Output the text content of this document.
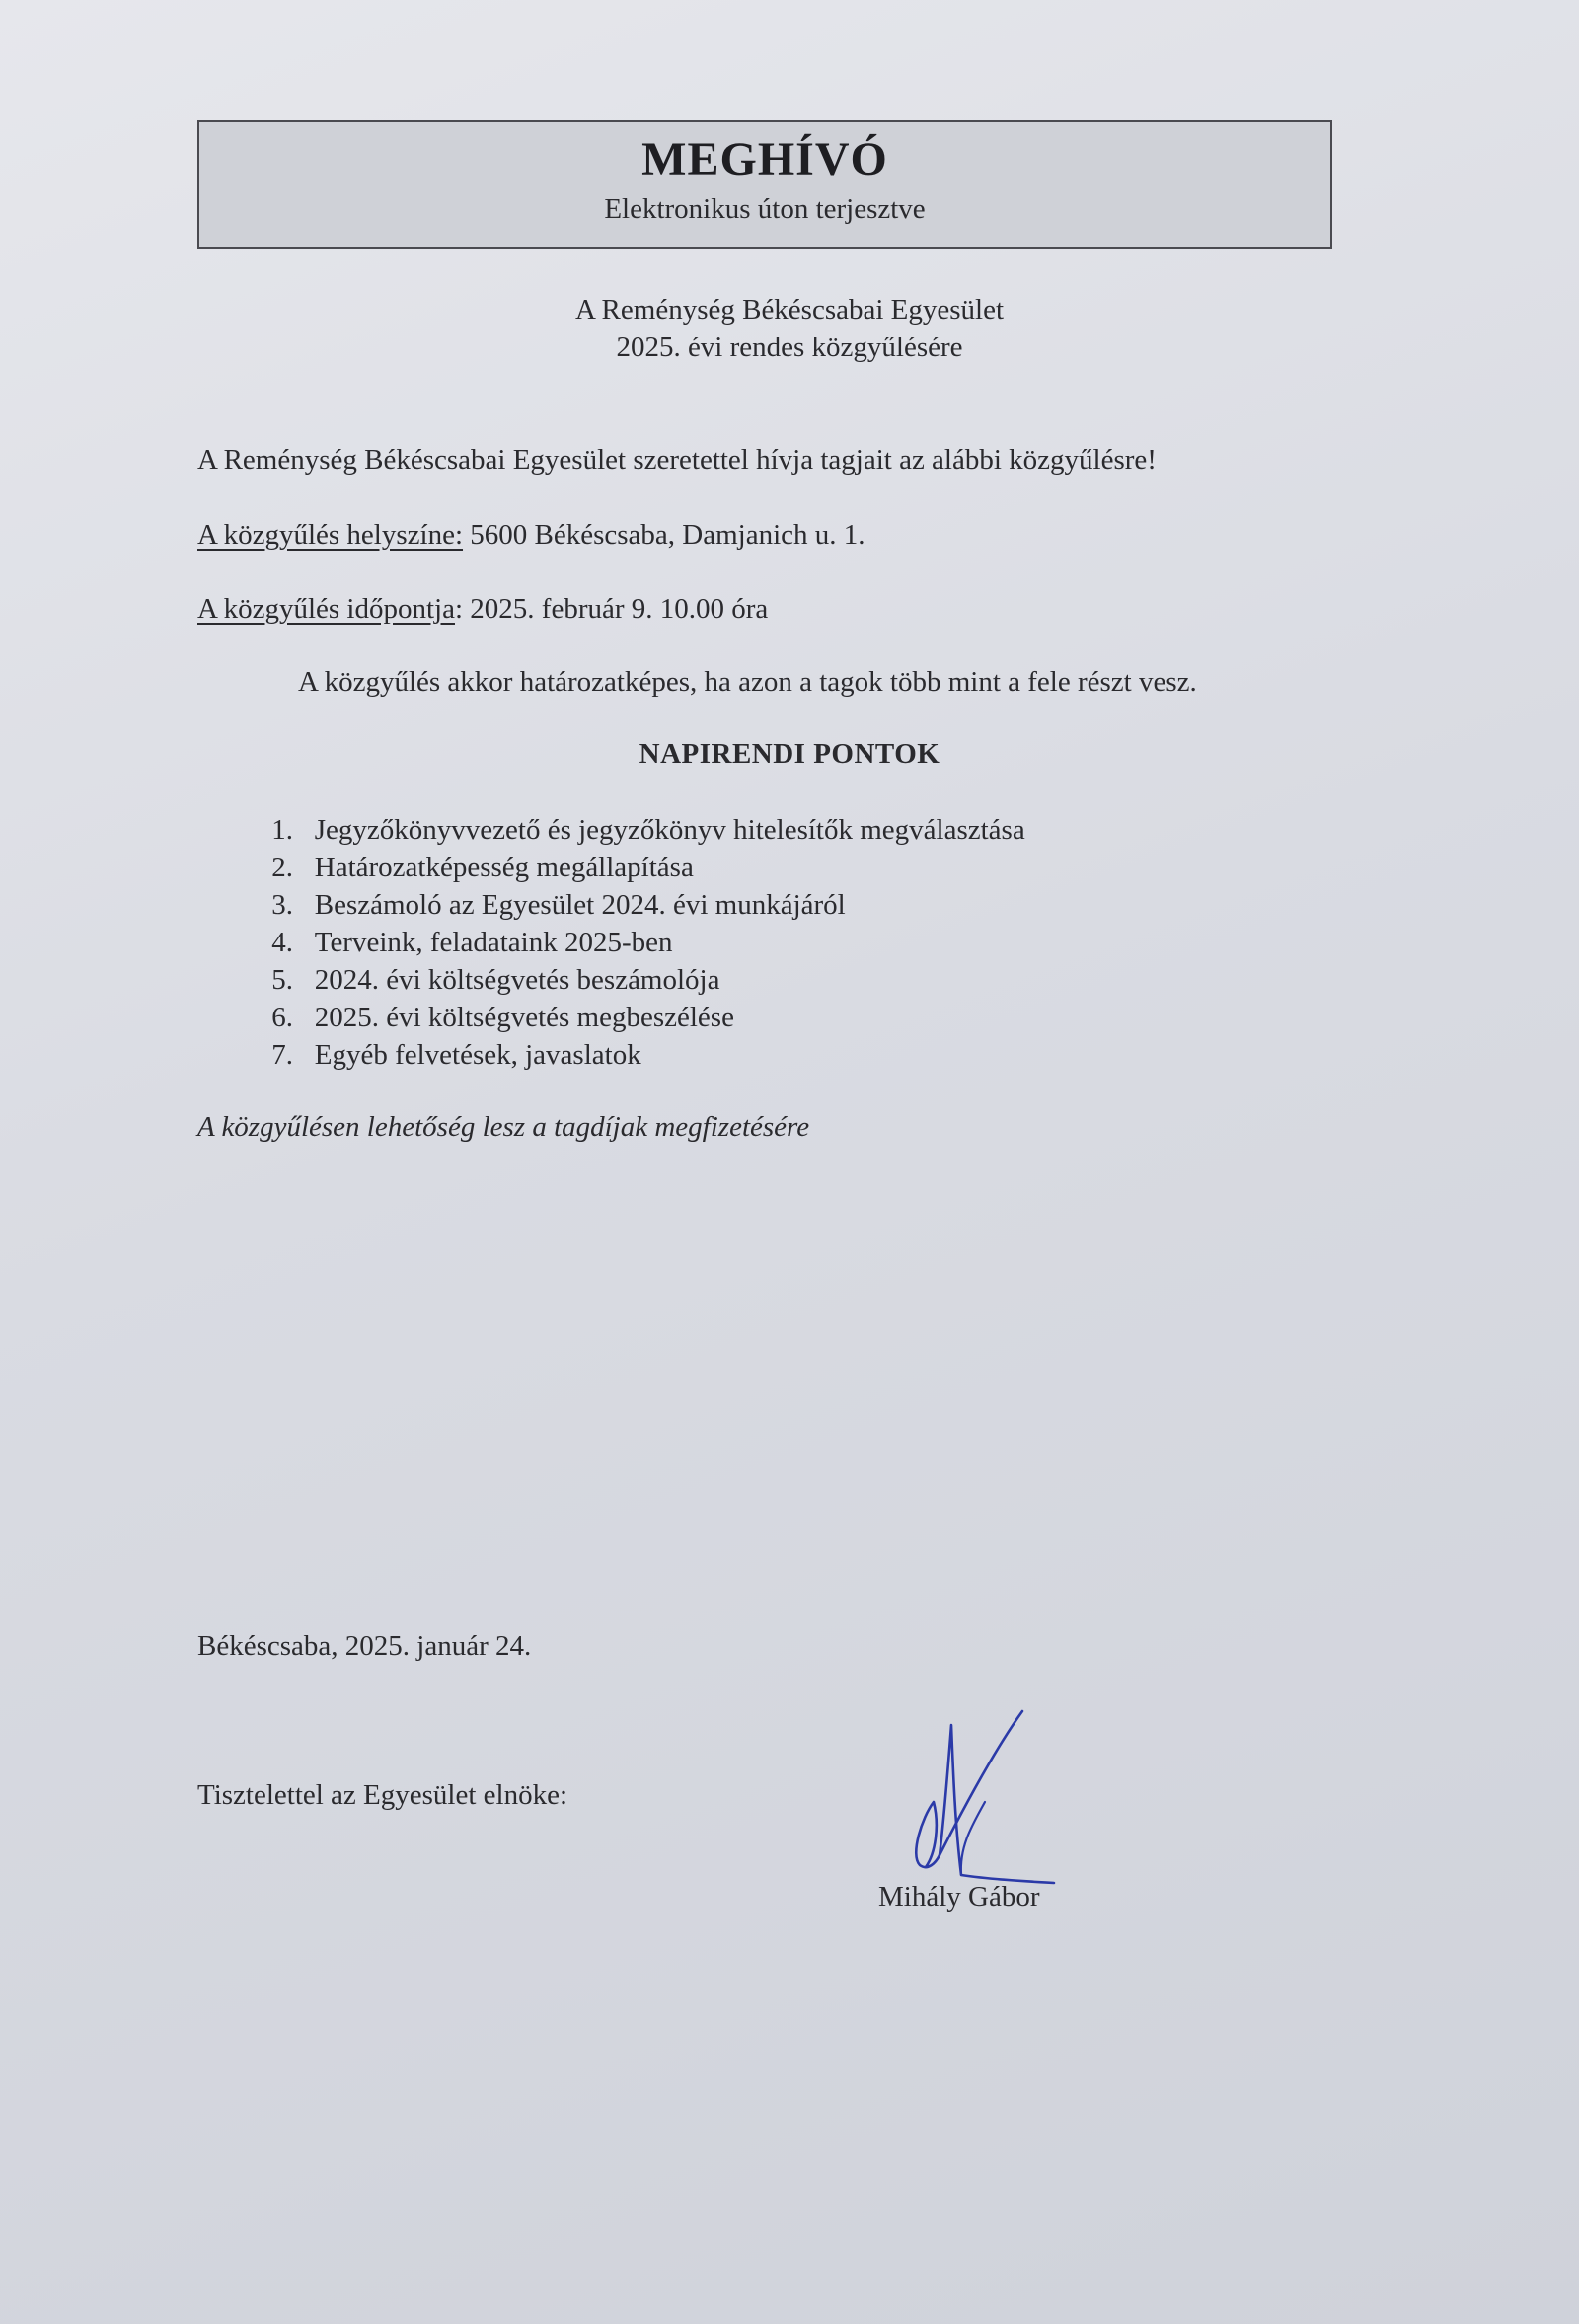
MEGHÍVÓ
Elektronikus úton terjesztve
A Reménység Békéscsabai Egyesület
2025. évi rendes közgyűlésére
A Reménység Békéscsabai Egyesület szeretettel hívja tagjait az alábbi közgyűlésre!
A közgyűlés helyszíne: 5600 Békéscsaba, Damjanich u. 1.
A közgyűlés időpontja: 2025. február 9. 10.00 óra
A közgyűlés akkor határozatképes, ha azon a tagok több mint a fele részt vesz.
NAPIRENDI PONTOK
1. Jegyzőkönyvvezető és jegyzőkönyv hitelesítők megválasztása
2. Határozatképesség megállapítása
3. Beszámoló az Egyesület 2024. évi munkájáról
4. Terveink, feladataink 2025-ben
5. 2024. évi költségvetés beszámolója
6. 2025. évi költségvetés megbeszélése
7. Egyéb felvetések, javaslatok
A közgyűlésen lehetőség lesz a tagdíjak megfizetésére
Békéscsaba, 2025. január 24.
Tisztelettel az Egyesület elnöke:
Mihály Gábor
